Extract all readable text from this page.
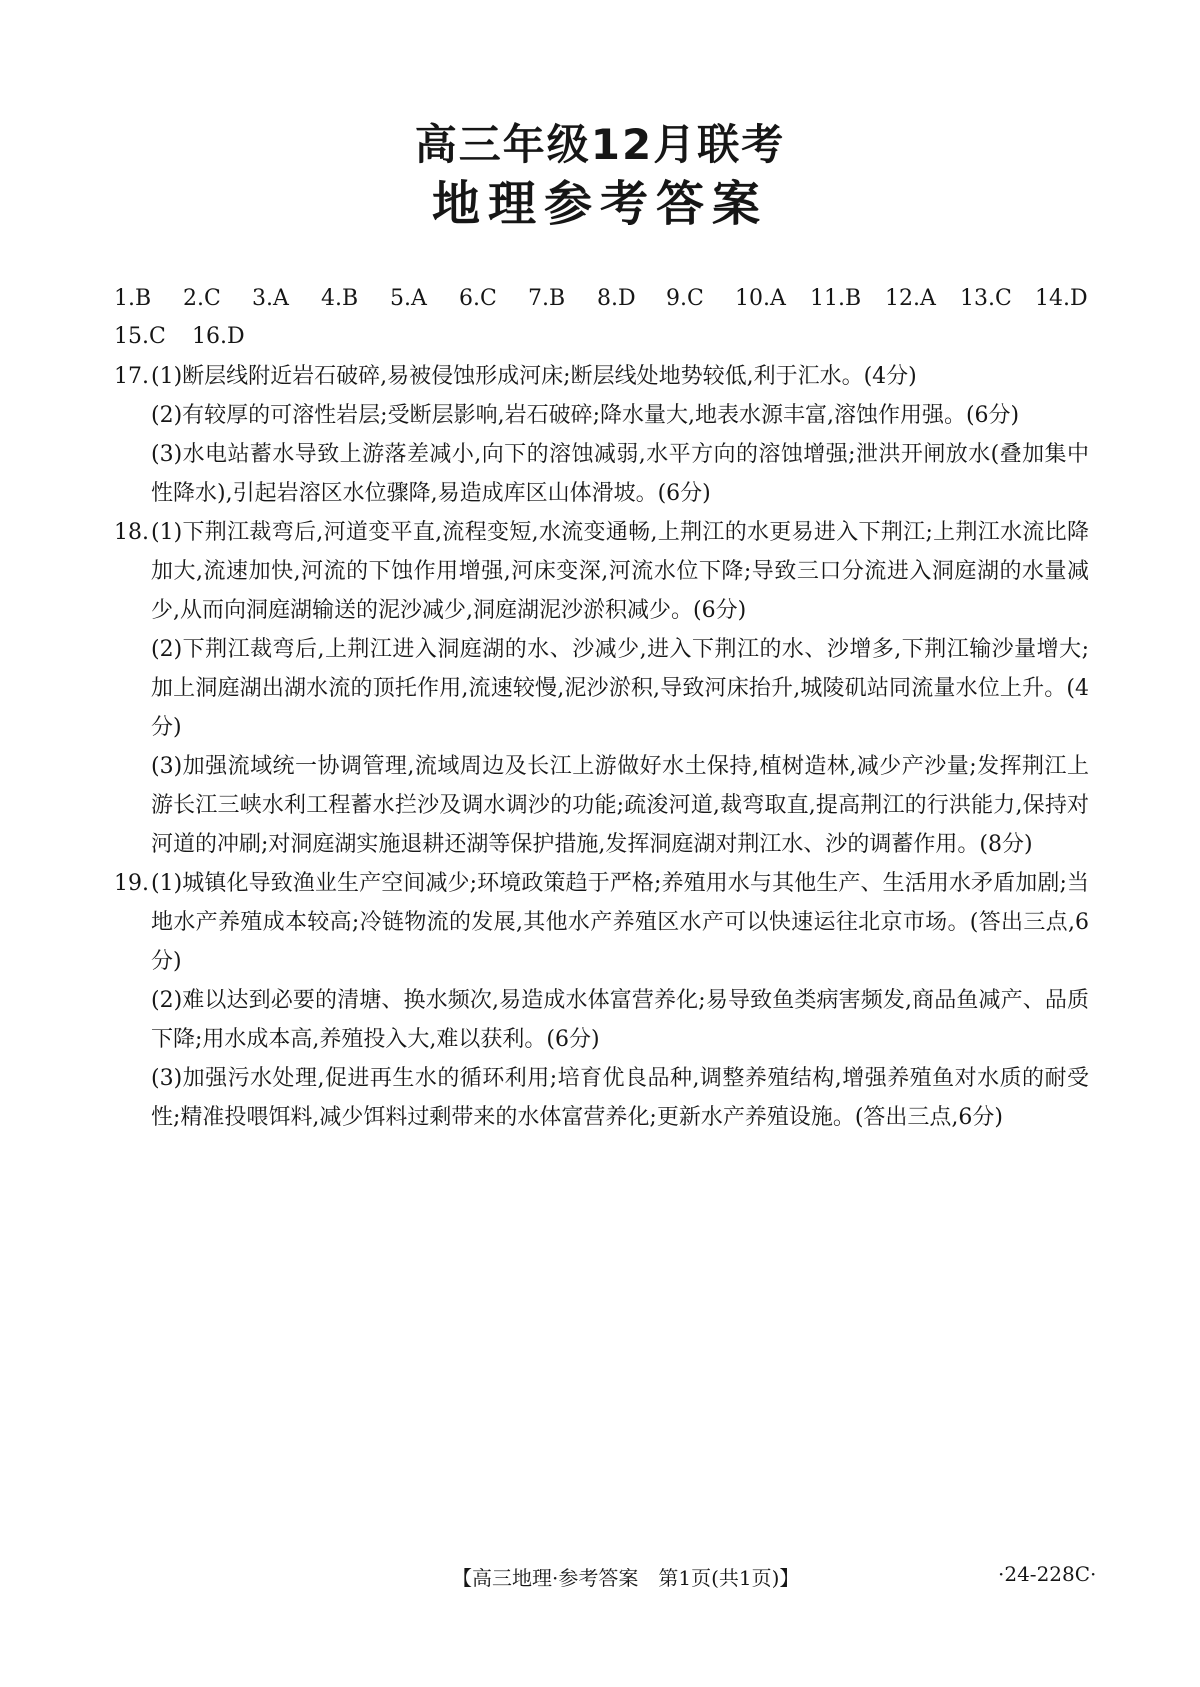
高三年级12月联考
地理参考答案
1.B	2.C	3.A	4.B	5.A	6.C	7.B	8.D	9.C	10.A	11.B	12.A	13.C	14.D
15.C	16.D
17. (1)断层线附近岩石破碎,易被侵蚀形成河床;断层线处地势较低,利于汇水。(4分)
(2)有较厚的可溶性岩层;受断层影响,岩石破碎;降水量大,地表水源丰富,溶蚀作用强。(6分)
(3)水电站蓄水导致上游落差减小,向下的溶蚀减弱,水平方向的溶蚀增强;泄洪开闸放水(叠加集中性降水),引起岩溶区水位骤降,易造成库区山体滑坡。(6分)
18. (1)下荆江裁弯后,河道变平直,流程变短,水流变通畅,上荆江的水更易进入下荆江;上荆江水流比降加大,流速加快,河流的下蚀作用增强,河床变深,河流水位下降;导致三口分流进入洞庭湖的水量减少,从而向洞庭湖输送的泥沙减少,洞庭湖泥沙淤积减少。(6分)
(2)下荆江裁弯后,上荆江进入洞庭湖的水、沙减少,进入下荆江的水、沙增多,下荆江输沙量增大;加上洞庭湖出湖水流的顶托作用,流速较慢,泥沙淤积,导致河床抬升,城陵矶站同流量水位上升。(4分)
(3)加强流域统一协调管理,流域周边及长江上游做好水土保持,植树造林,减少产沙量;发挥荆江上游长江三峡水利工程蓄水拦沙及调水调沙的功能;疏浚河道,裁弯取直,提高荆江的行洪能力,保持对河道的冲刷;对洞庭湖实施退耕还湖等保护措施,发挥洞庭湖对荆江水、沙的调蓄作用。(8分)
19. (1)城镇化导致渔业生产空间减少;环境政策趋于严格;养殖用水与其他生产、生活用水矛盾加剧;当地水产养殖成本较高;冷链物流的发展,其他水产养殖区水产可以快速运往北京市场。(答出三点,6分)
(2)难以达到必要的清塘、换水频次,易造成水体富营养化;易导致鱼类病害频发,商品鱼减产、品质下降;用水成本高,养殖投入大,难以获利。(6分)
(3)加强污水处理,促进再生水的循环利用;培育优良品种,调整养殖结构,增强养殖鱼对水质的耐受性;精准投喂饵料,减少饵料过剩带来的水体富营养化;更新水产养殖设施。(答出三点,6分)
【高三地理·参考答案　第1页(共1页)】	·24-228C·
